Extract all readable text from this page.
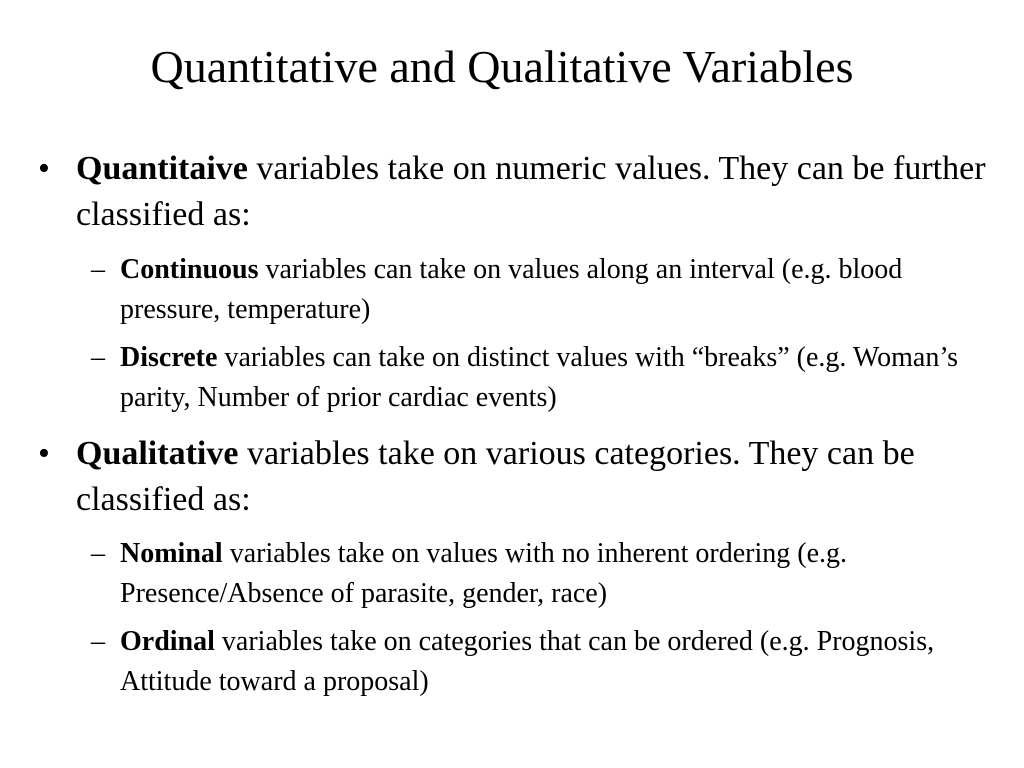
Quantitative and Qualitative Variables
• Quantitaive variables take on numeric values. They can be further classified as:
– Continuous variables can take on values along an interval (e.g. blood pressure, temperature)
– Discrete variables can take on distinct values with “breaks” (e.g. Woman’s parity, Number of prior cardiac events)
• Qualitative variables take on various categories. They can be classified as:
– Nominal variables take on values with no inherent ordering (e.g. Presence/Absence of parasite, gender, race)
– Ordinal variables take on categories that can be ordered (e.g. Prognosis, Attitude toward a proposal)
